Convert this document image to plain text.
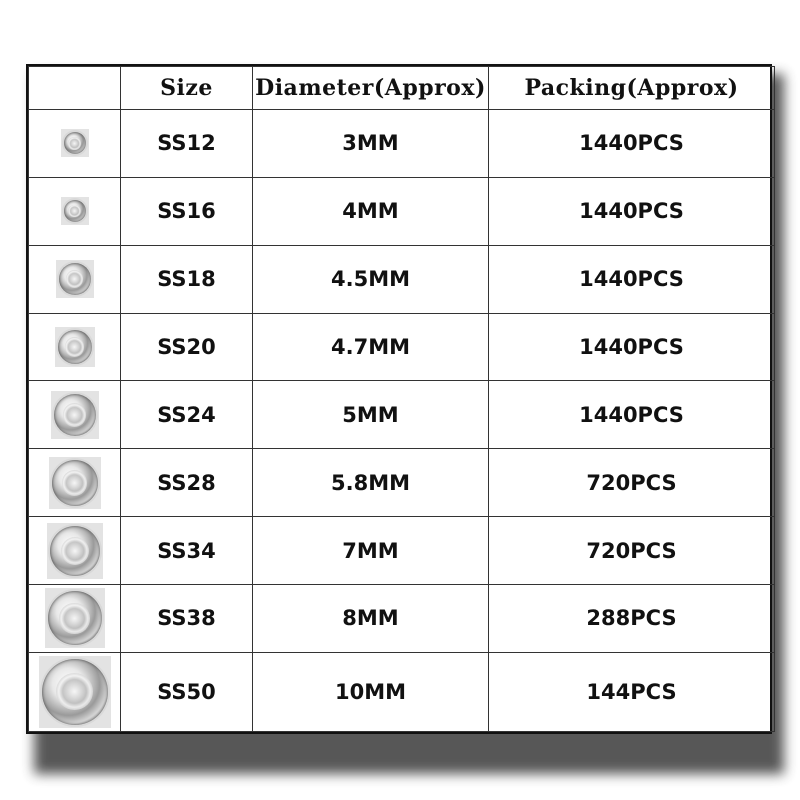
	Size	Diameter(Approx)	Packing(Approx)
	SS12	3MM	1440PCS
	SS16	4MM	1440PCS
	SS18	4.5MM	1440PCS
	SS20	4.7MM	1440PCS
	SS24	5MM	1440PCS
	SS28	5.8MM	720PCS
	SS34	7MM	720PCS
	SS38	8MM	288PCS
	SS50	10MM	144PCS
